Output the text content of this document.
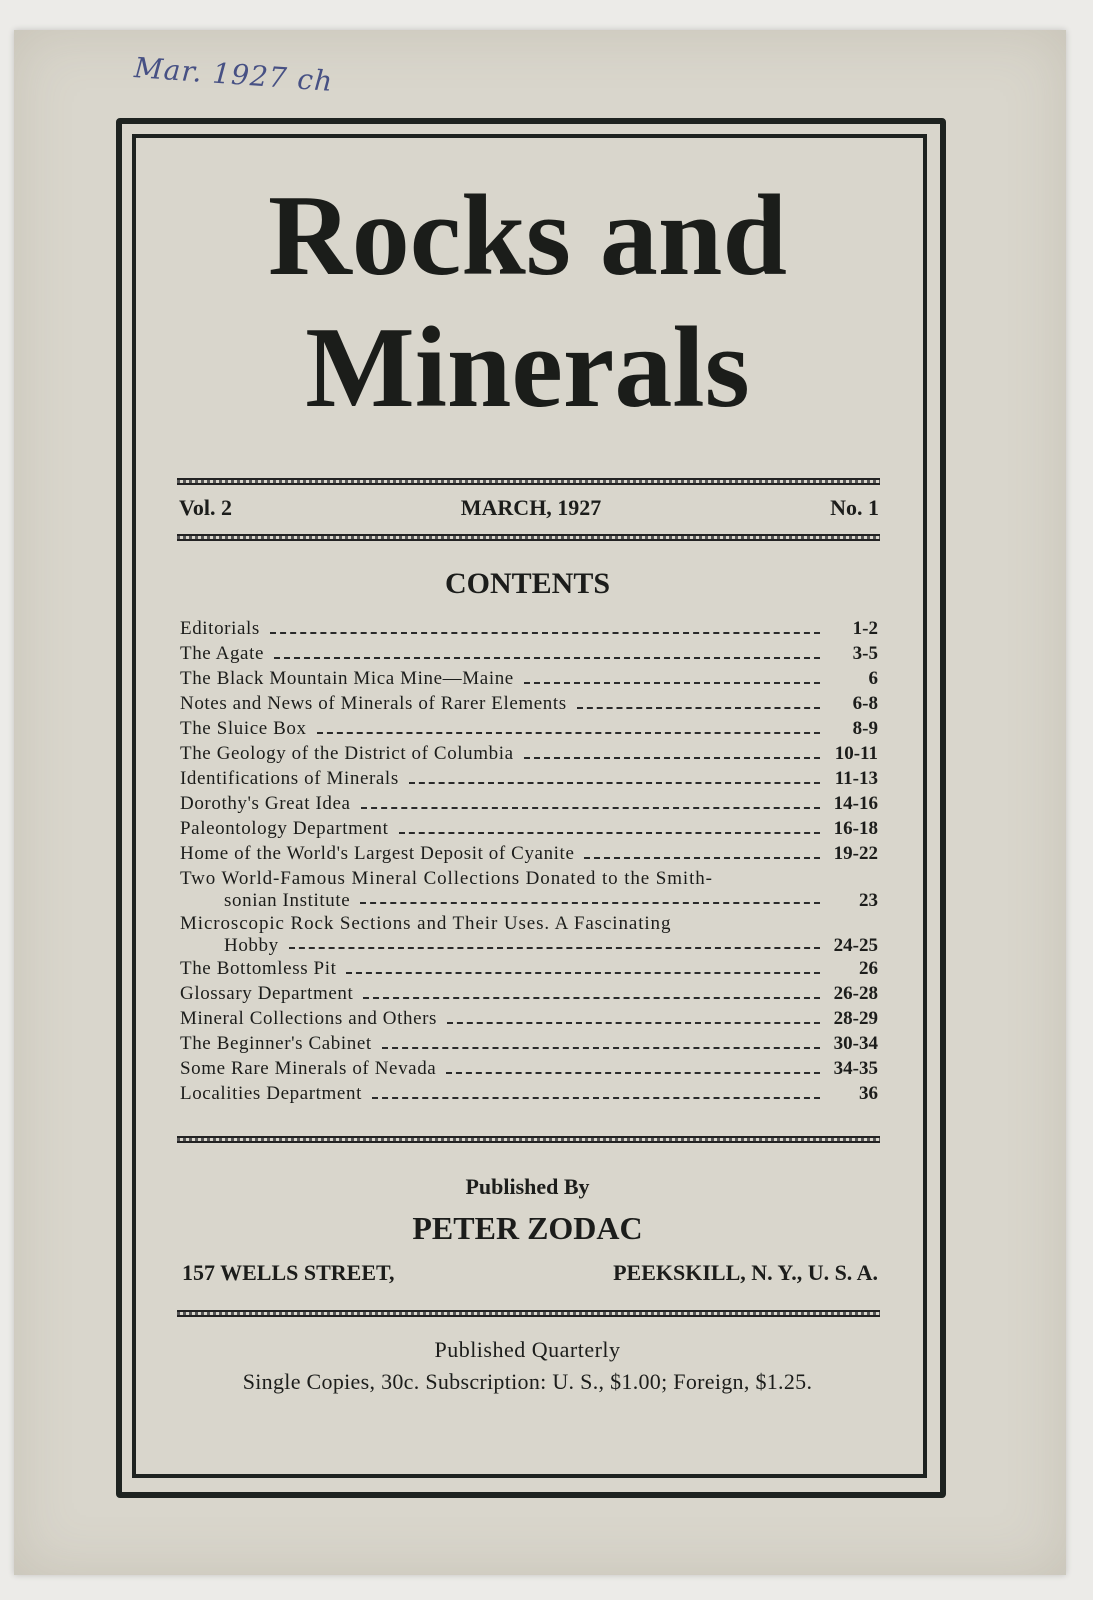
Mar. 1927 ch
Rocks and
Minerals
Vol. 2	MARCH, 1927	No. 1
CONTENTS
Editorials	1-2
The Agate	3-5
The Black Mountain Mica Mine—Maine	6
Notes and News of Minerals of Rarer Elements	6-8
The Sluice Box	8-9
The Geology of the District of Columbia	10-11
Identifications of Minerals	11-13
Dorothy's Great Idea	14-16
Paleontology Department	16-18
Home of the World's Largest Deposit of Cyanite	19-22
Two World-Famous Mineral Collections Donated to the Smith-
sonian Institute	23
Microscopic Rock Sections and Their Uses. A Fascinating
Hobby	24-25
The Bottomless Pit	26
Glossary Department	26-28
Mineral Collections and Others	28-29
The Beginner's Cabinet	30-34
Some Rare Minerals of Nevada	34-35
Localities Department	36
Published By
PETER ZODAC
157 WELLS STREET,	PEEKSKILL, N. Y., U. S. A.
Published Quarterly
Single Copies, 30c. Subscription: U. S., $1.00; Foreign, $1.25.
